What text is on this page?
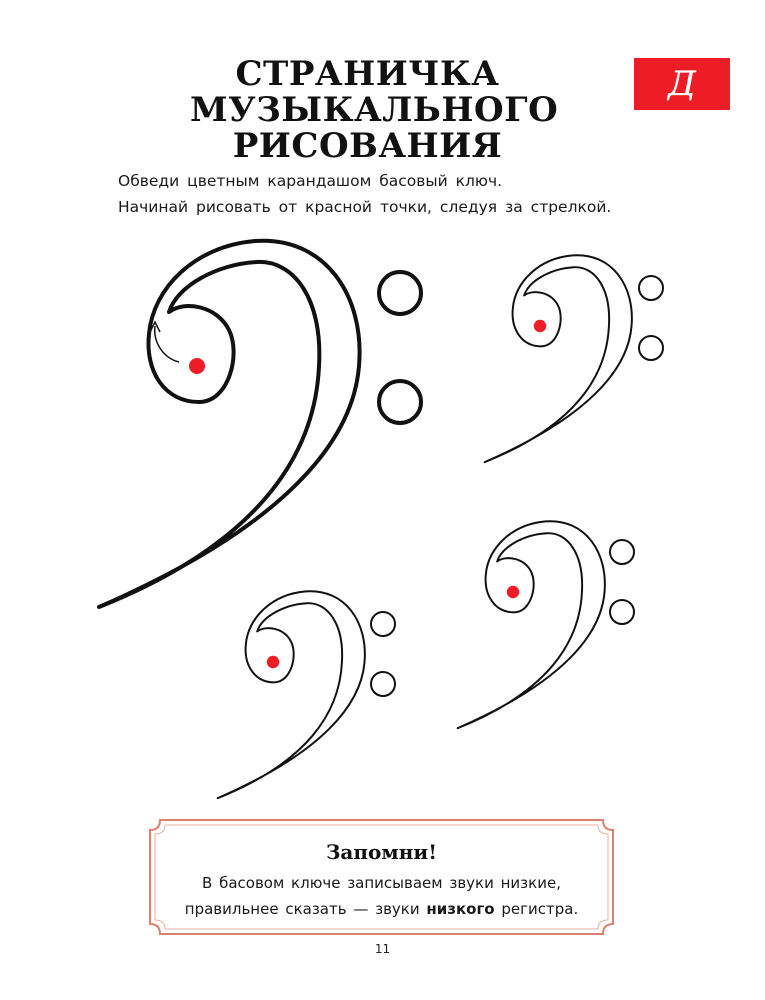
СТРАНИЧКА
МУЗЫКАЛЬНОГО
РИСОВАНИЯ
Д
Обведи цветным карандашом басовый ключ.
Начинай рисовать от красной точки, следуя за стрелкой.
Запомни!
В басовом ключе записываем звуки низкие,
правильнее сказать — звуки низкого регистра.
11
